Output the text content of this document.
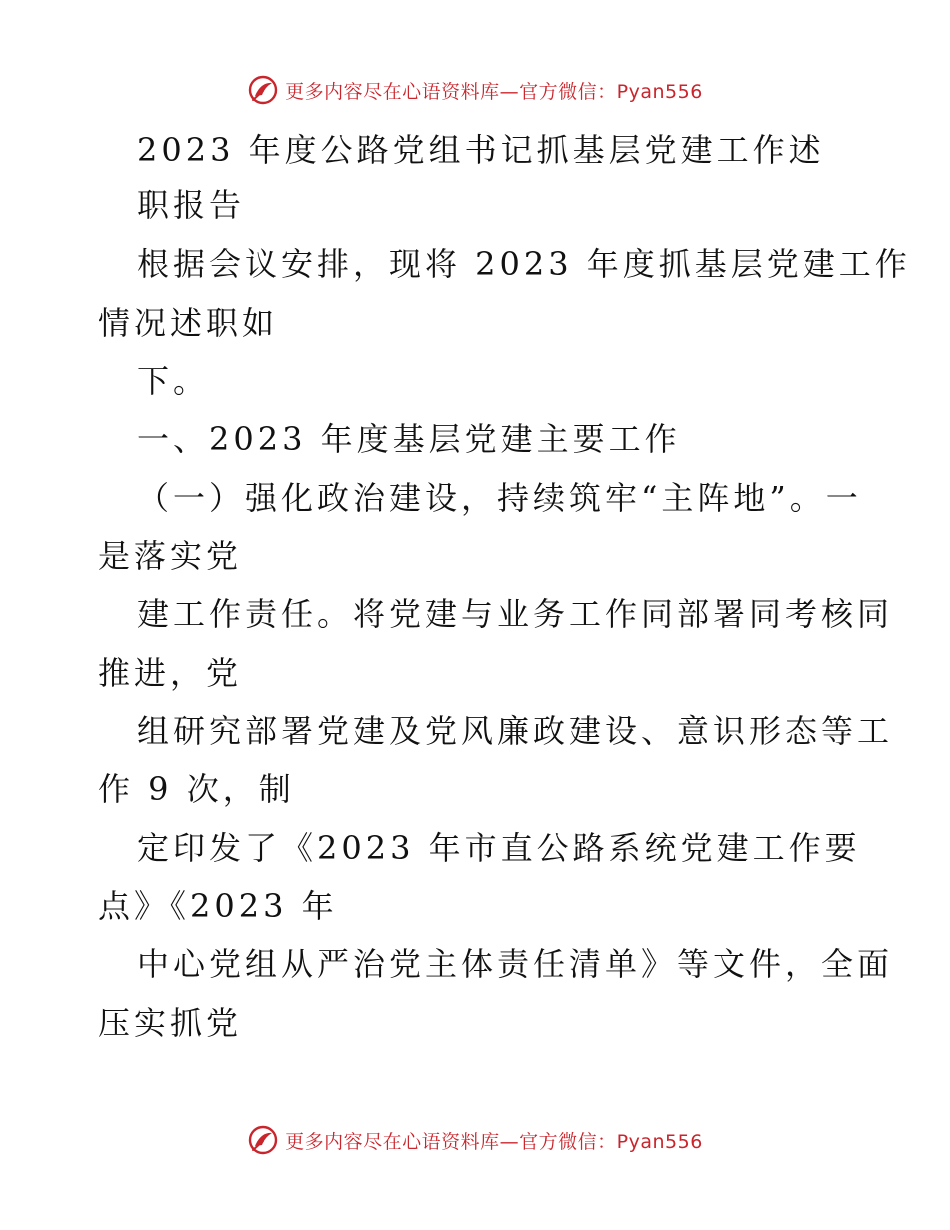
更多内容尽在心语资料库—官方微信：Pyan556
2023 年度公路党组书记抓基层党建工作述
职报告
根据会议安排，现将 2023 年度抓基层党建工作
情况述职如
下。
一、2023 年度基层党建主要工作
（一）强化政治建设，持续筑牢“主阵地”。一
是落实党
建工作责任。将党建与业务工作同部署同考核同
推进，党
组研究部署党建及党风廉政建设、意识形态等工
作 9 次，制
定印发了《2023 年市直公路系统党建工作要
点》《2023 年
中心党组从严治党主体责任清单》等文件，全面
压实抓党
更多内容尽在心语资料库—官方微信：Pyan556
